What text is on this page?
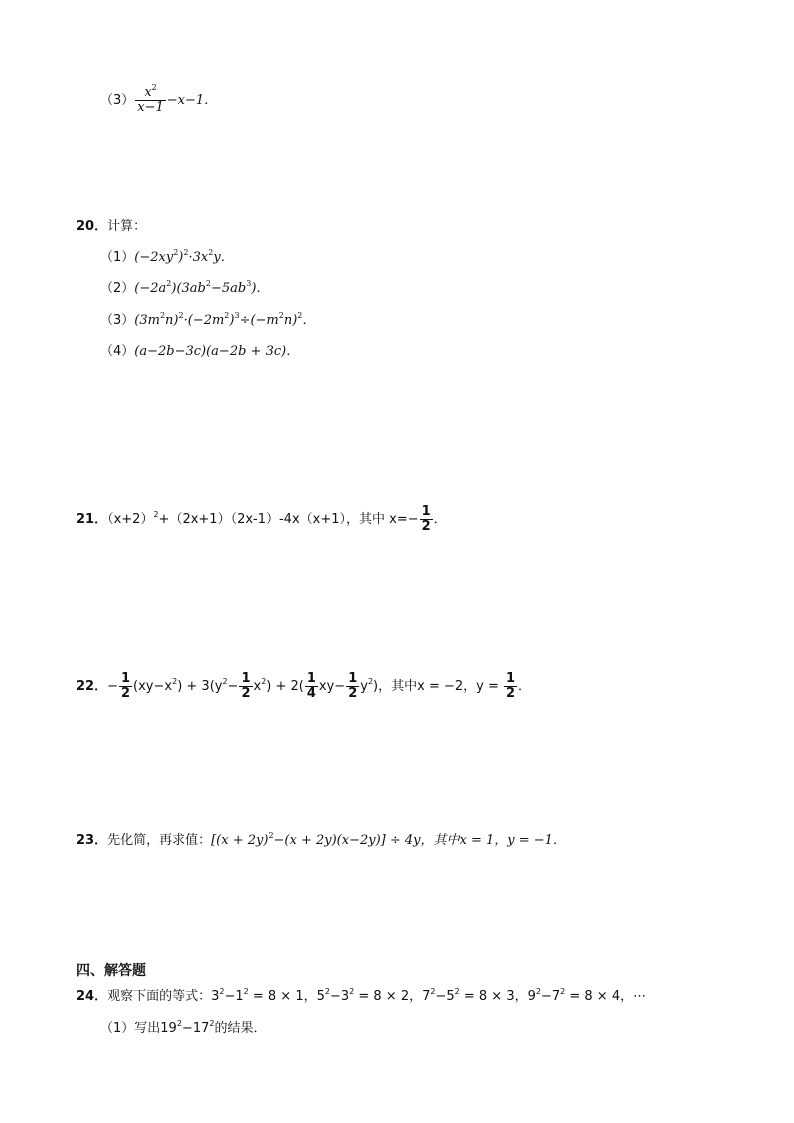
$(3) \frac{x^2}{x-1} -x-1$．
20．计算：
$(1)(-2xy^2)^2\cdot 3x^2y$．
$(2)(-2a^2)(3ab^2-5ab^3)$．
$(3)(3m^2n)^2\cdot(-2m^2)^3\div(-m^2n)^2$．
（4）(a−2b−3c)(a−2b + 3c)．
21．$(x+2)^2+(2x+1)(2x-1)-4x(x+1)$，其中 $x=- \frac{1}{2}$ ．
22．− $\frac{1}{2} (xy-x^2) + 3(y^2- \frac{1}{2} x^2) + 2( \frac{1}{4} xy- \frac{1}{2} y^2)$，其中x = −2，$y = \frac{1}{2}$ ．
23．先化简，再求值：$[(x + 2y)^2-(x + 2y)(x-2y)] \div 4y$，其中x = 1，y = −1．
四、解答题
24．观察下面的等式：$3^2-1^2 = 8 \times 1$，$5^2-3^2 = 8 \times 2$，$7^2-5^2 = 8 \times 3$，$9^2-7^2 = 8 \times 4$，⋯
（1）写出$19^2-17^2$的结果．
